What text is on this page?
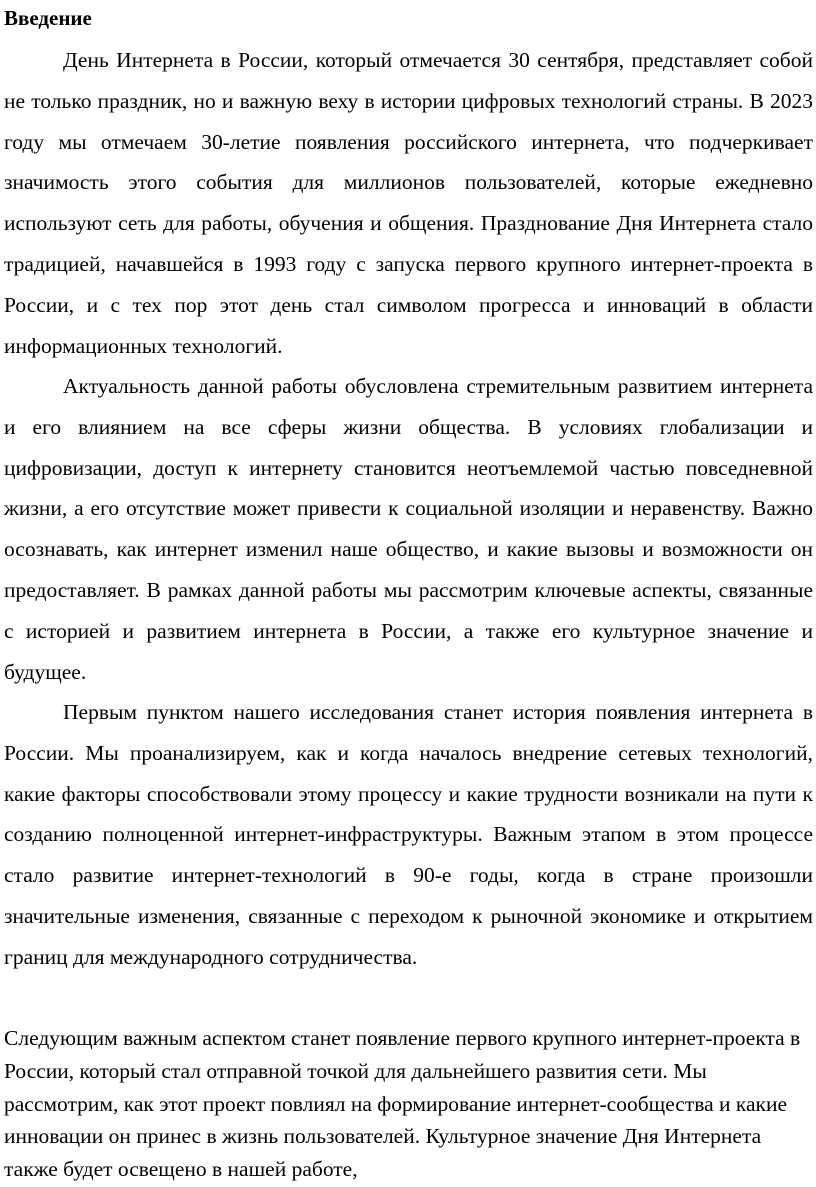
Введение

День Интернета в России, который отмечается 30 сентября, представляет собой не только праздник, но и важную веху в истории цифровых технологий страны. В 2023 году мы отмечаем 30-летие появления российского интернета, что подчеркивает значимость этого события для миллионов пользователей, которые ежедневно используют сеть для работы, обучения и общения. Празднование Дня Интернета стало традицией, начавшейся в 1993 году с запуска первого крупного интернет-проекта в России, и с тех пор этот день стал символом прогресса и инноваций в области информационных технологий.

Актуальность данной работы обусловлена стремительным развитием интернета и его влиянием на все сферы жизни общества. В условиях глобализации и цифровизации, доступ к интернету становится неотъемлемой частью повседневной жизни, а его отсутствие может привести к социальной изоляции и неравенству. Важно осознавать, как интернет изменил наше общество, и какие вызовы и возможности он предоставляет. В рамках данной работы мы рассмотрим ключевые аспекты, связанные с историей и развитием интернета в России, а также его культурное значение и будущее.

Первым пунктом нашего исследования станет история появления интернета в России. Мы проанализируем, как и когда началось внедрение сетевых технологий, какие факторы способствовали этому процессу и какие трудности возникали на пути к созданию полноценной интернет-инфраструктуры. Важным этапом в этом процессе стало развитие интернет-технологий в 90-е годы, когда в стране произошли значительные изменения, связанные с переходом к рыночной экономике и открытием границ для международного сотрудничества.

Следующим важным аспектом станет появление первого крупного интернет-проекта в России, который стал отправной точкой для дальнейшего развития сети. Мы рассмотрим, как этот проект повлиял на формирование интернет-сообщества и какие инновации он принес в жизнь пользователей. Культурное значение Дня Интернета также будет освещено в нашей работе,
